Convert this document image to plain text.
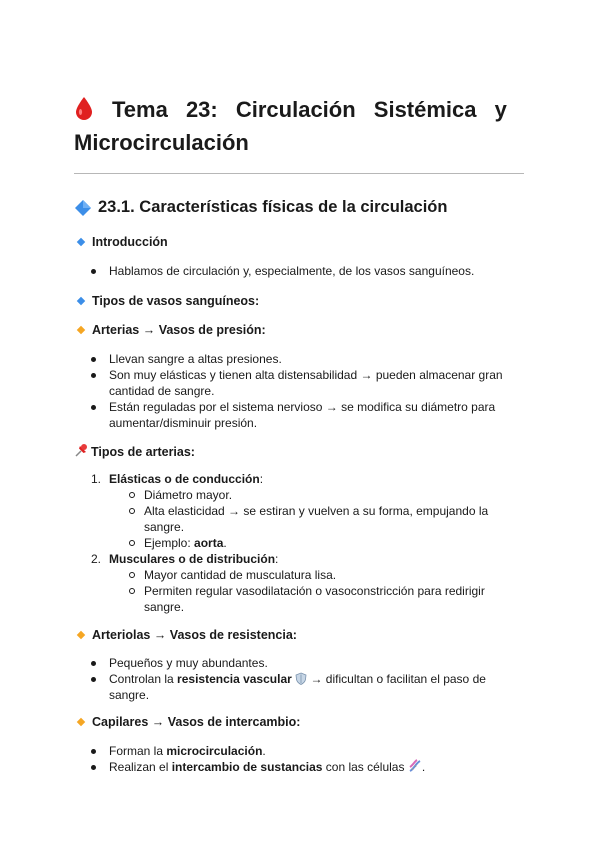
Tema 23: Circulación Sistémica y
Microcirculación
23.1. Características físicas de la circulación

Introducción

Hablamos de circulación y, especialmente, de los vasos sanguíneos.

Tipos de vasos sanguíneos:

Arterias → Vasos de presión:

Llevan sangre a altas presiones.
Son muy elásticas y tienen alta distensabilidad → pueden almacenar gran cantidad de sangre.
Están reguladas por el sistema nervioso → se modifica su diámetro para aumentar/disminuir presión.

Tipos de arterias:

1. Elásticas o de conducción:
Diámetro mayor.
Alta elasticidad → se estiran y vuelven a su forma, empujando la sangre.
Ejemplo: aorta.
2. Musculares o de distribución:
Mayor cantidad de musculatura lisa.
Permiten regular vasodilatación o vasoconstricción para redirigir sangre.

Arteriolas → Vasos de resistencia:

Pequeños y muy abundantes.
Controlan la resistencia vascular  → dificultan o facilitan el paso de sangre.

Capilares → Vasos de intercambio:

Forman la microcirculación.
Realizan el intercambio de sustancias con las células .
